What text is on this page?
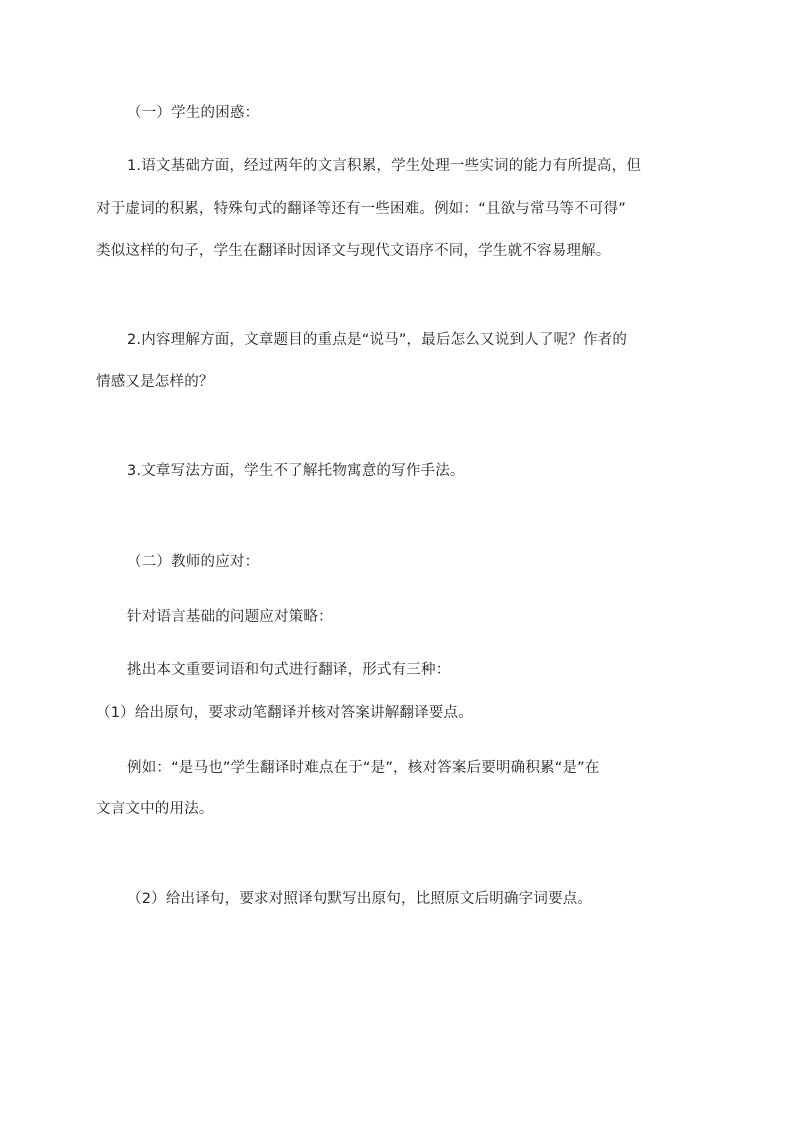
（一）学生的困惑：
1.语文基础方面，经过两年的文言积累，学生处理一些实词的能力有所提高，但
对于虚词的积累，特殊句式的翻译等还有一些困难。例如：“且欲与常马等不可得”
类似这样的句子，学生在翻译时因译文与现代文语序不同，学生就不容易理解。
2.内容理解方面，文章题目的重点是“说马”，最后怎么又说到人了呢？作者的
情感又是怎样的？
3.文章写法方面，学生不了解托物寓意的写作手法。
（二）教师的应对：
针对语言基础的问题应对策略：
挑出本文重要词语和句式进行翻译，形式有三种：
（1）给出原句，要求动笔翻译并核对答案讲解翻译要点。
例如：“是马也”学生翻译时难点在于“是”，核对答案后要明确积累“是”在
文言文中的用法。
（2）给出译句，要求对照译句默写出原句，比照原文后明确字词要点。
